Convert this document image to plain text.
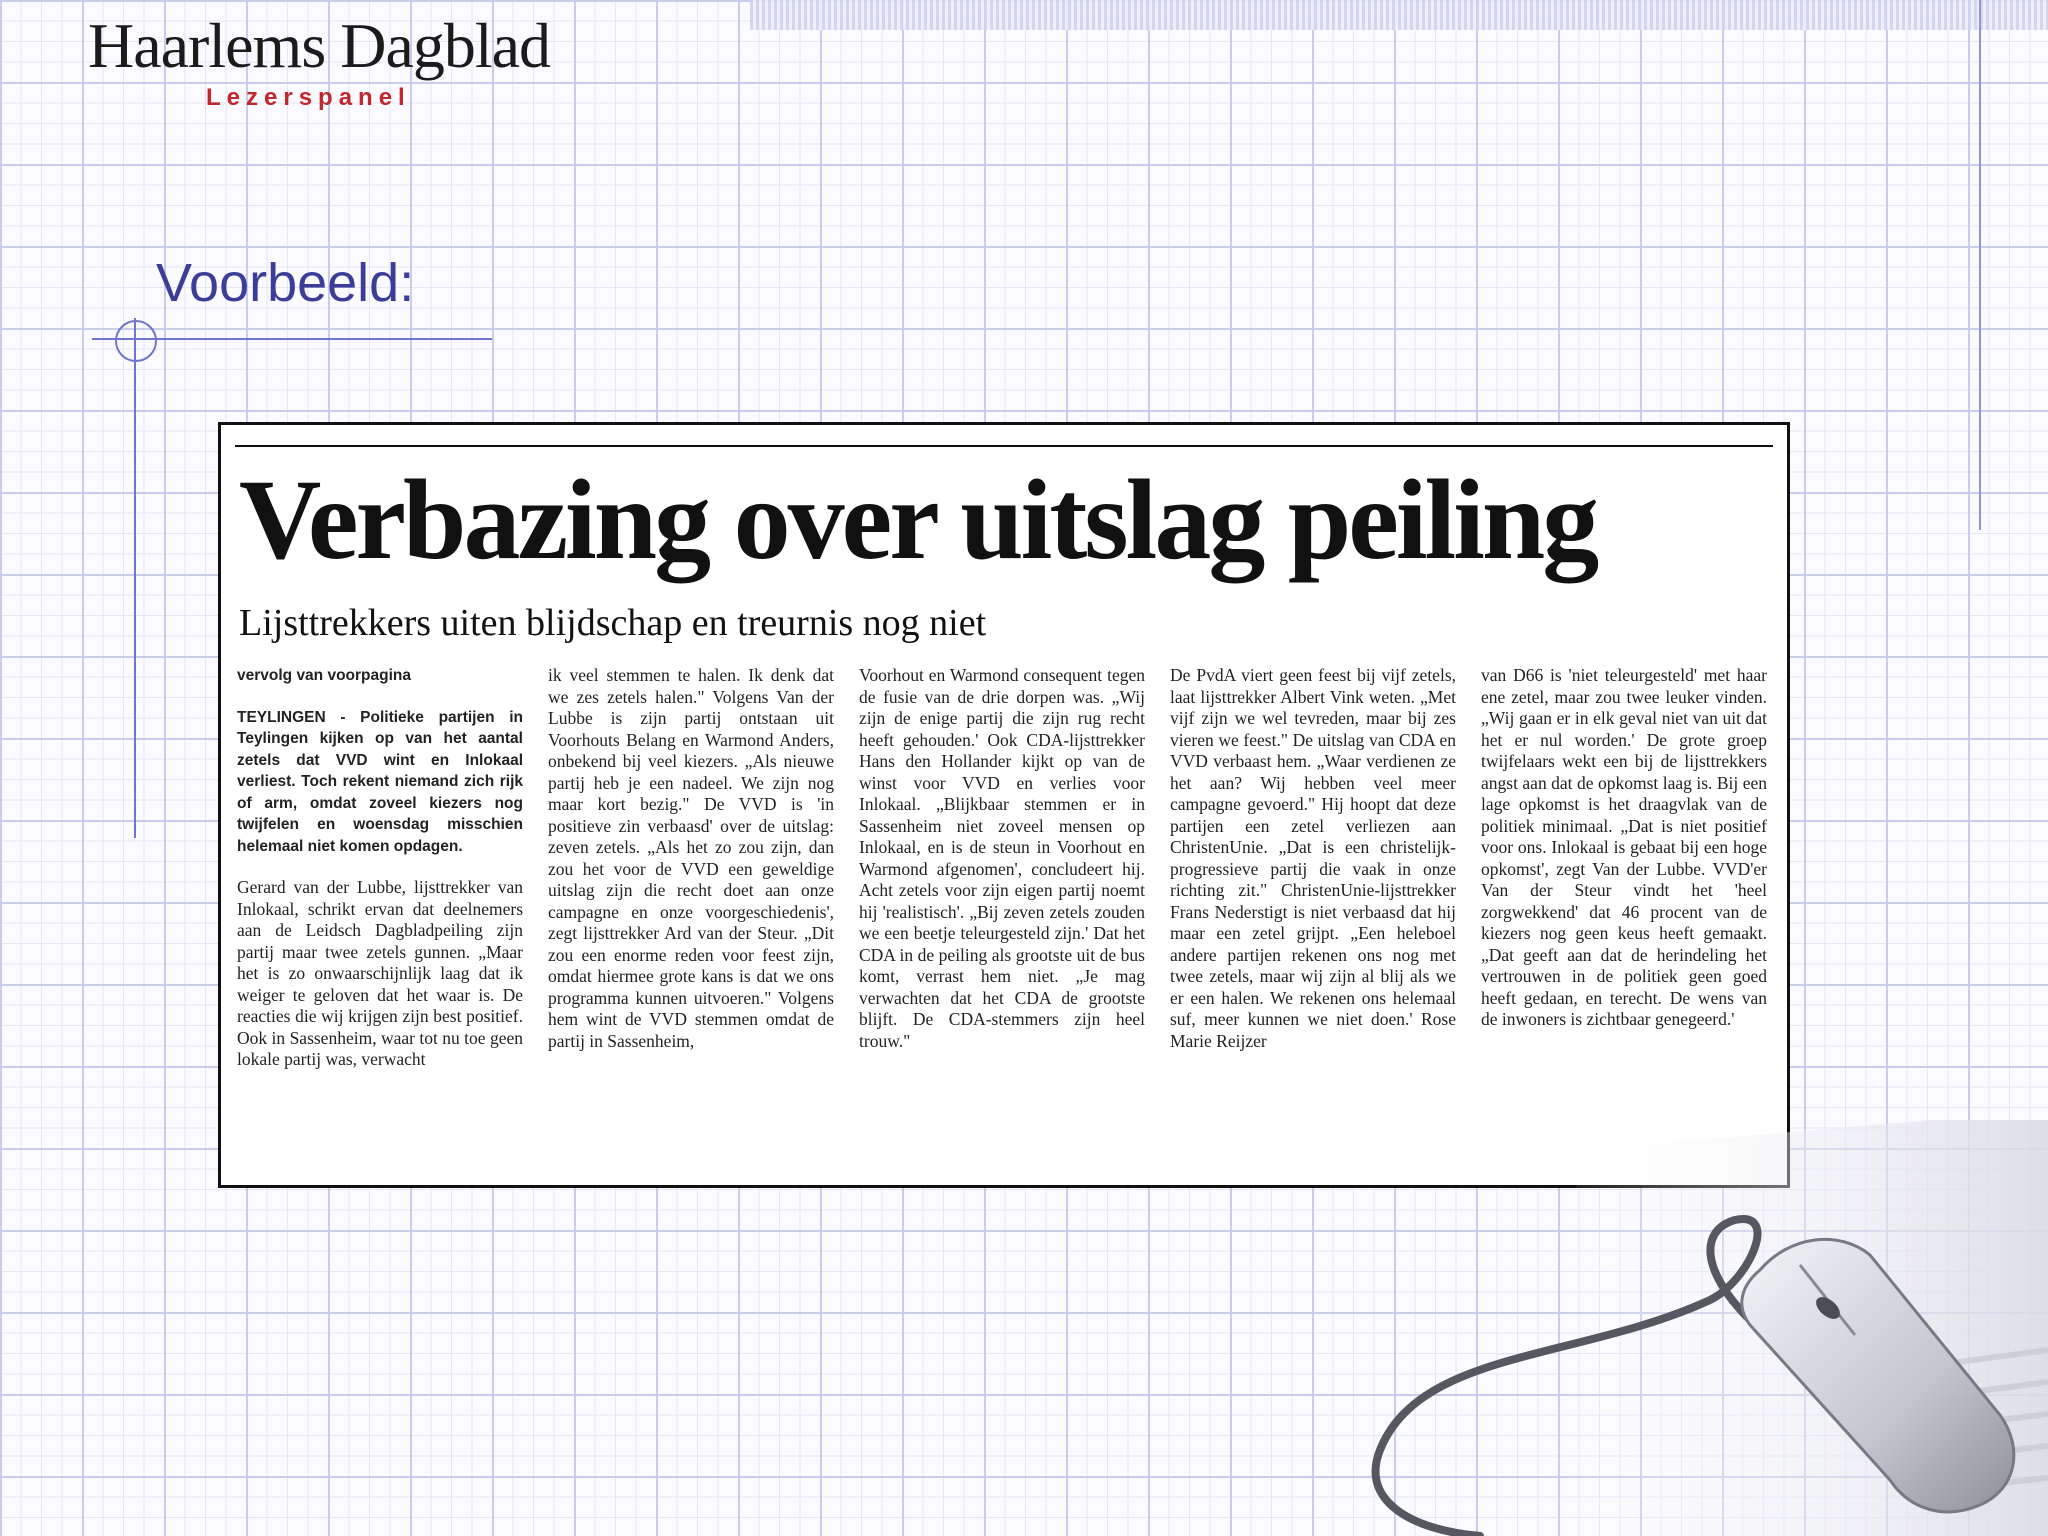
Haarlems Dagblad
Lezerspanel
Voorbeeld:
Verbazing over uitslag peiling
Lijsttrekkers uiten blijdschap en treurnis nog niet

vervolg van voorpagina

TEYLINGEN - Politieke partijen in Teylingen kijken op van het aantal zetels dat VVD wint en Inlokaal verliest. Toch rekent niemand zich rijk of arm, omdat zoveel kiezers nog twijfelen en woensdag misschien helemaal niet komen opdagen.

Gerard van der Lubbe, lijsttrekker van Inlokaal, schrikt ervan dat deelnemers aan de Leidsch Dagbladpeiling zijn partij maar twee zetels gunnen. „Maar het is zo onwaarschijnlijk laag dat ik weiger te geloven dat het waar is. De reacties die wij krijgen zijn best positief. Ook in Sassenheim, waar tot nu toe geen lokale partij was, verwacht

ik veel stemmen te halen. Ik denk dat we zes zetels halen." Volgens Van der Lubbe is zijn partij ontstaan uit Voorhouts Belang en Warmond Anders, onbekend bij veel kiezers. „Als nieuwe partij heb je een nadeel. We zijn nog maar kort bezig." De VVD is 'in positieve zin verbaasd' over de uitslag: zeven zetels. „Als het zo zou zijn, dan zou het voor de VVD een geweldige uitslag zijn die recht doet aan onze campagne en onze voorgeschiedenis', zegt lijsttrekker Ard van der Steur. „Dit zou een enorme reden voor feest zijn, omdat hiermee grote kans is dat we ons programma kunnen uitvoeren." Volgens hem wint de VVD stemmen omdat de partij in Sassenheim,

Voorhout en Warmond consequent tegen de fusie van de drie dorpen was. „Wij zijn de enige partij die zijn rug recht heeft gehouden.' Ook CDA-lijsttrekker Hans den Hollander kijkt op van de winst voor VVD en verlies voor Inlokaal. „Blijkbaar stemmen er in Sassenheim niet zoveel mensen op Inlokaal, en is de steun in Voorhout en Warmond afgenomen', concludeert hij. Acht zetels voor zijn eigen partij noemt hij 'realistisch'. „Bij zeven zetels zouden we een beetje teleurgesteld zijn.' Dat het CDA in de peiling als grootste uit de bus komt, verrast hem niet. „Je mag verwachten dat het CDA de grootste blijft. De CDA-stemmers zijn heel trouw."

De PvdA viert geen feest bij vijf zetels, laat lijsttrekker Albert Vink weten. „Met vijf zijn we wel tevreden, maar bij zes vieren we feest." De uitslag van CDA en VVD verbaast hem. „Waar verdienen ze het aan? Wij hebben veel meer campagne gevoerd." Hij hoopt dat deze partijen een zetel verliezen aan ChristenUnie. „Dat is een christelijk-progressieve partij die vaak in onze richting zit." ChristenUnie-lijsttrekker Frans Nederstigt is niet verbaasd dat hij maar een zetel grijpt. „Een heleboel andere partijen rekenen ons nog met twee zetels, maar wij zijn al blij als we er een halen. We rekenen ons helemaal suf, meer kunnen we niet doen.' Rose Marie Reijzer

van D66 is 'niet teleurgesteld' met haar ene zetel, maar zou twee leuker vinden. „Wij gaan er in elk geval niet van uit dat het er nul worden.' De grote groep twijfelaars wekt een bij de lijsttrekkers angst aan dat de opkomst laag is. Bij een lage opkomst is het draagvlak van de politiek minimaal. „Dat is niet positief voor ons. Inlokaal is gebaat bij een hoge opkomst', zegt Van der Lubbe. VVD'er Van der Steur vindt het 'heel zorgwekkend' dat 46 procent van de kiezers nog geen keus heeft gemaakt. „Dat geeft aan dat de herindeling het vertrouwen in de politiek geen goed heeft gedaan, en terecht. De wens van de inwoners is zichtbaar genegeerd.'
